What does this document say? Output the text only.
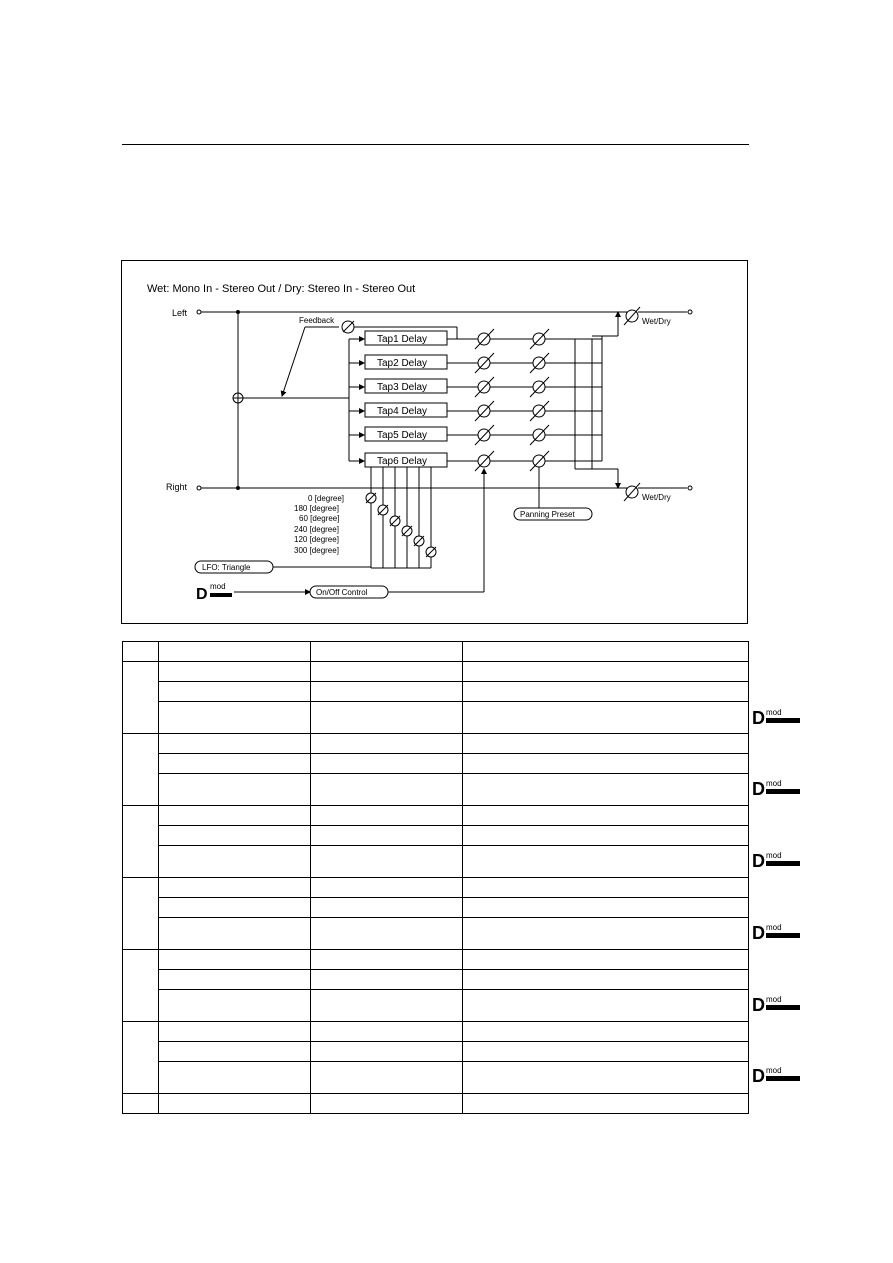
Wet: Mono In - Stereo Out / Dry: Stereo In - Stereo Out
Left
Right
Feedback
Tap1 Delay
Tap2 Delay
Tap3 Delay
Tap4 Delay
Tap5 Delay
Tap6 Delay
Wet/Dry
Wet/Dry
0 [degree]
180 [degree]
60 [degree]
240 [degree]
120 [degree]
300 [degree]
LFO: Triangle
Panning Preset
D mod
On/Off Control

D mod
D mod
D mod
D mod
D mod
D mod
